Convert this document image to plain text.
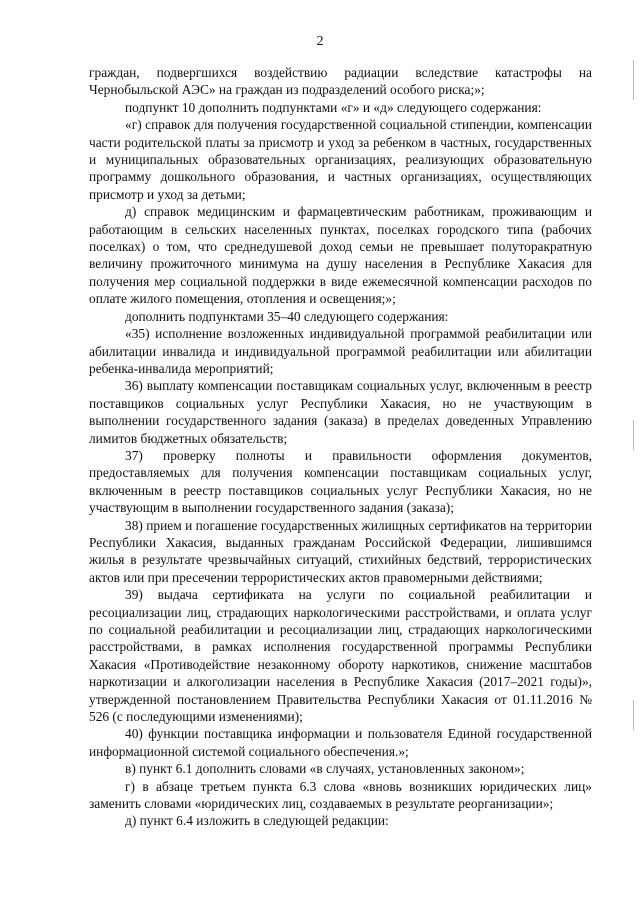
2

граждан, подвергшихся воздействию радиации вследствие катастрофы на Чернобыльской АЭС» на граждан из подразделений особого риска;»;

подпункт 10 дополнить подпунктами «г» и «д» следующего содержания:

«г) справок для получения государственной социальной стипендии, компенсации части родительской платы за присмотр и уход за ребенком в частных, государственных и муниципальных образовательных организациях, реализующих образовательную программу дошкольного образования, и частных организациях, осуществляющих присмотр и уход за детьми;

д) справок медицинским и фармацевтическим работникам, проживающим и работающим в сельских населенных пунктах, поселках городского типа (рабочих поселках) о том, что среднедушевой доход семьи не превышает полуторакратную величину прожиточного минимума на душу населения в Республике Хакасия для получения мер социальной поддержки в виде ежемесячной компенсации расходов по оплате жилого помещения, отопления и освещения;»;

дополнить подпунктами 35–40 следующего содержания:

«35) исполнение возложенных индивидуальной программой реабилитации или абилитации инвалида и индивидуальной программой реабилитации или абилитации ребенка-инвалида мероприятий;

36) выплату компенсации поставщикам социальных услуг, включенным в реестр поставщиков социальных услуг Республики Хакасия, но не участвующим в выполнении государственного задания (заказа) в пределах доведенных Управлению лимитов бюджетных обязательств;

37) проверку полноты и правильности оформления документов, предоставляемых для получения компенсации поставщикам социальных услуг, включенным в реестр поставщиков социальных услуг Республики Хакасия, но не участвующим в выполнении государственного задания (заказа);

38) прием и погашение государственных жилищных сертификатов на территории Республики Хакасия, выданных гражданам Российской Федерации, лишившимся жилья в результате чрезвычайных ситуаций, стихийных бедствий, террористических актов или при пресечении террористических актов правомерными действиями;

39) выдача сертификата на услуги по социальной реабилитации и ресоциализации лиц, страдающих наркологическими расстройствами, и оплата услуг по социальной реабилитации и ресоциализации лиц, страдающих наркологическими расстройствами, в рамках исполнения государственной программы Республики Хакасия «Противодействие незаконному обороту наркотиков, снижение масштабов наркотизации и алкоголизации населения в Республике Хакасия (2017–2021 годы)», утвержденной постановлением Правительства Республики Хакасия от 01.11.2016 № 526 (с последующими изменениями);

40) функции поставщика информации и пользователя Единой государственной информационной системой социального обеспечения.»;

в) пункт 6.1 дополнить словами «в случаях, установленных законом»;

г) в абзаце третьем пункта 6.3 слова «вновь возникших юридических лиц» заменить словами «юридических лиц, создаваемых в результате реорганизации»;

д) пункт 6.4 изложить в следующей редакции:
